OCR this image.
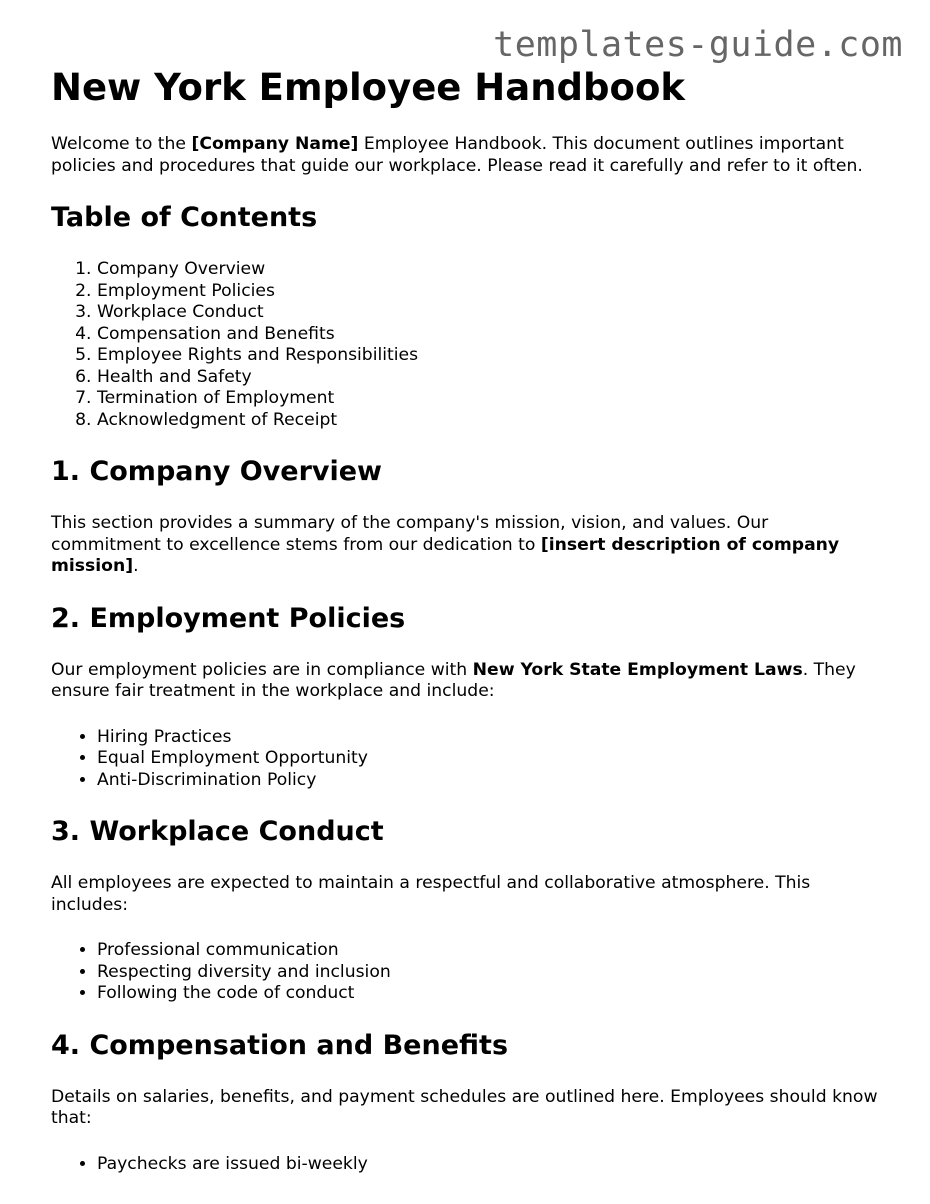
templates-guide.com
New York Employee Handbook

Welcome to the [Company Name] Employee Handbook. This document outlines important policies and procedures that guide our workplace. Please read it carefully and refer to it often.

Table of Contents
1. Company Overview
2. Employment Policies
3. Workplace Conduct
4. Compensation and Benefits
5. Employee Rights and Responsibilities
6. Health and Safety
7. Termination of Employment
8. Acknowledgment of Receipt
1. Company Overview

This section provides a summary of the company's mission, vision, and values. Our commitment to excellence stems from our dedication to [insert description of company mission].

2. Employment Policies

Our employment policies are in compliance with New York State Employment Laws. They ensure fair treatment in the workplace and include:

• Hiring Practices
• Equal Employment Opportunity
• Anti-Discrimination Policy
3. Workplace Conduct

All employees are expected to maintain a respectful and collaborative atmosphere. This includes:

• Professional communication
• Respecting diversity and inclusion
• Following the code of conduct
4. Compensation and Benefits

Details on salaries, benefits, and payment schedules are outlined here. Employees should know that:

• Paychecks are issued bi-weekly
